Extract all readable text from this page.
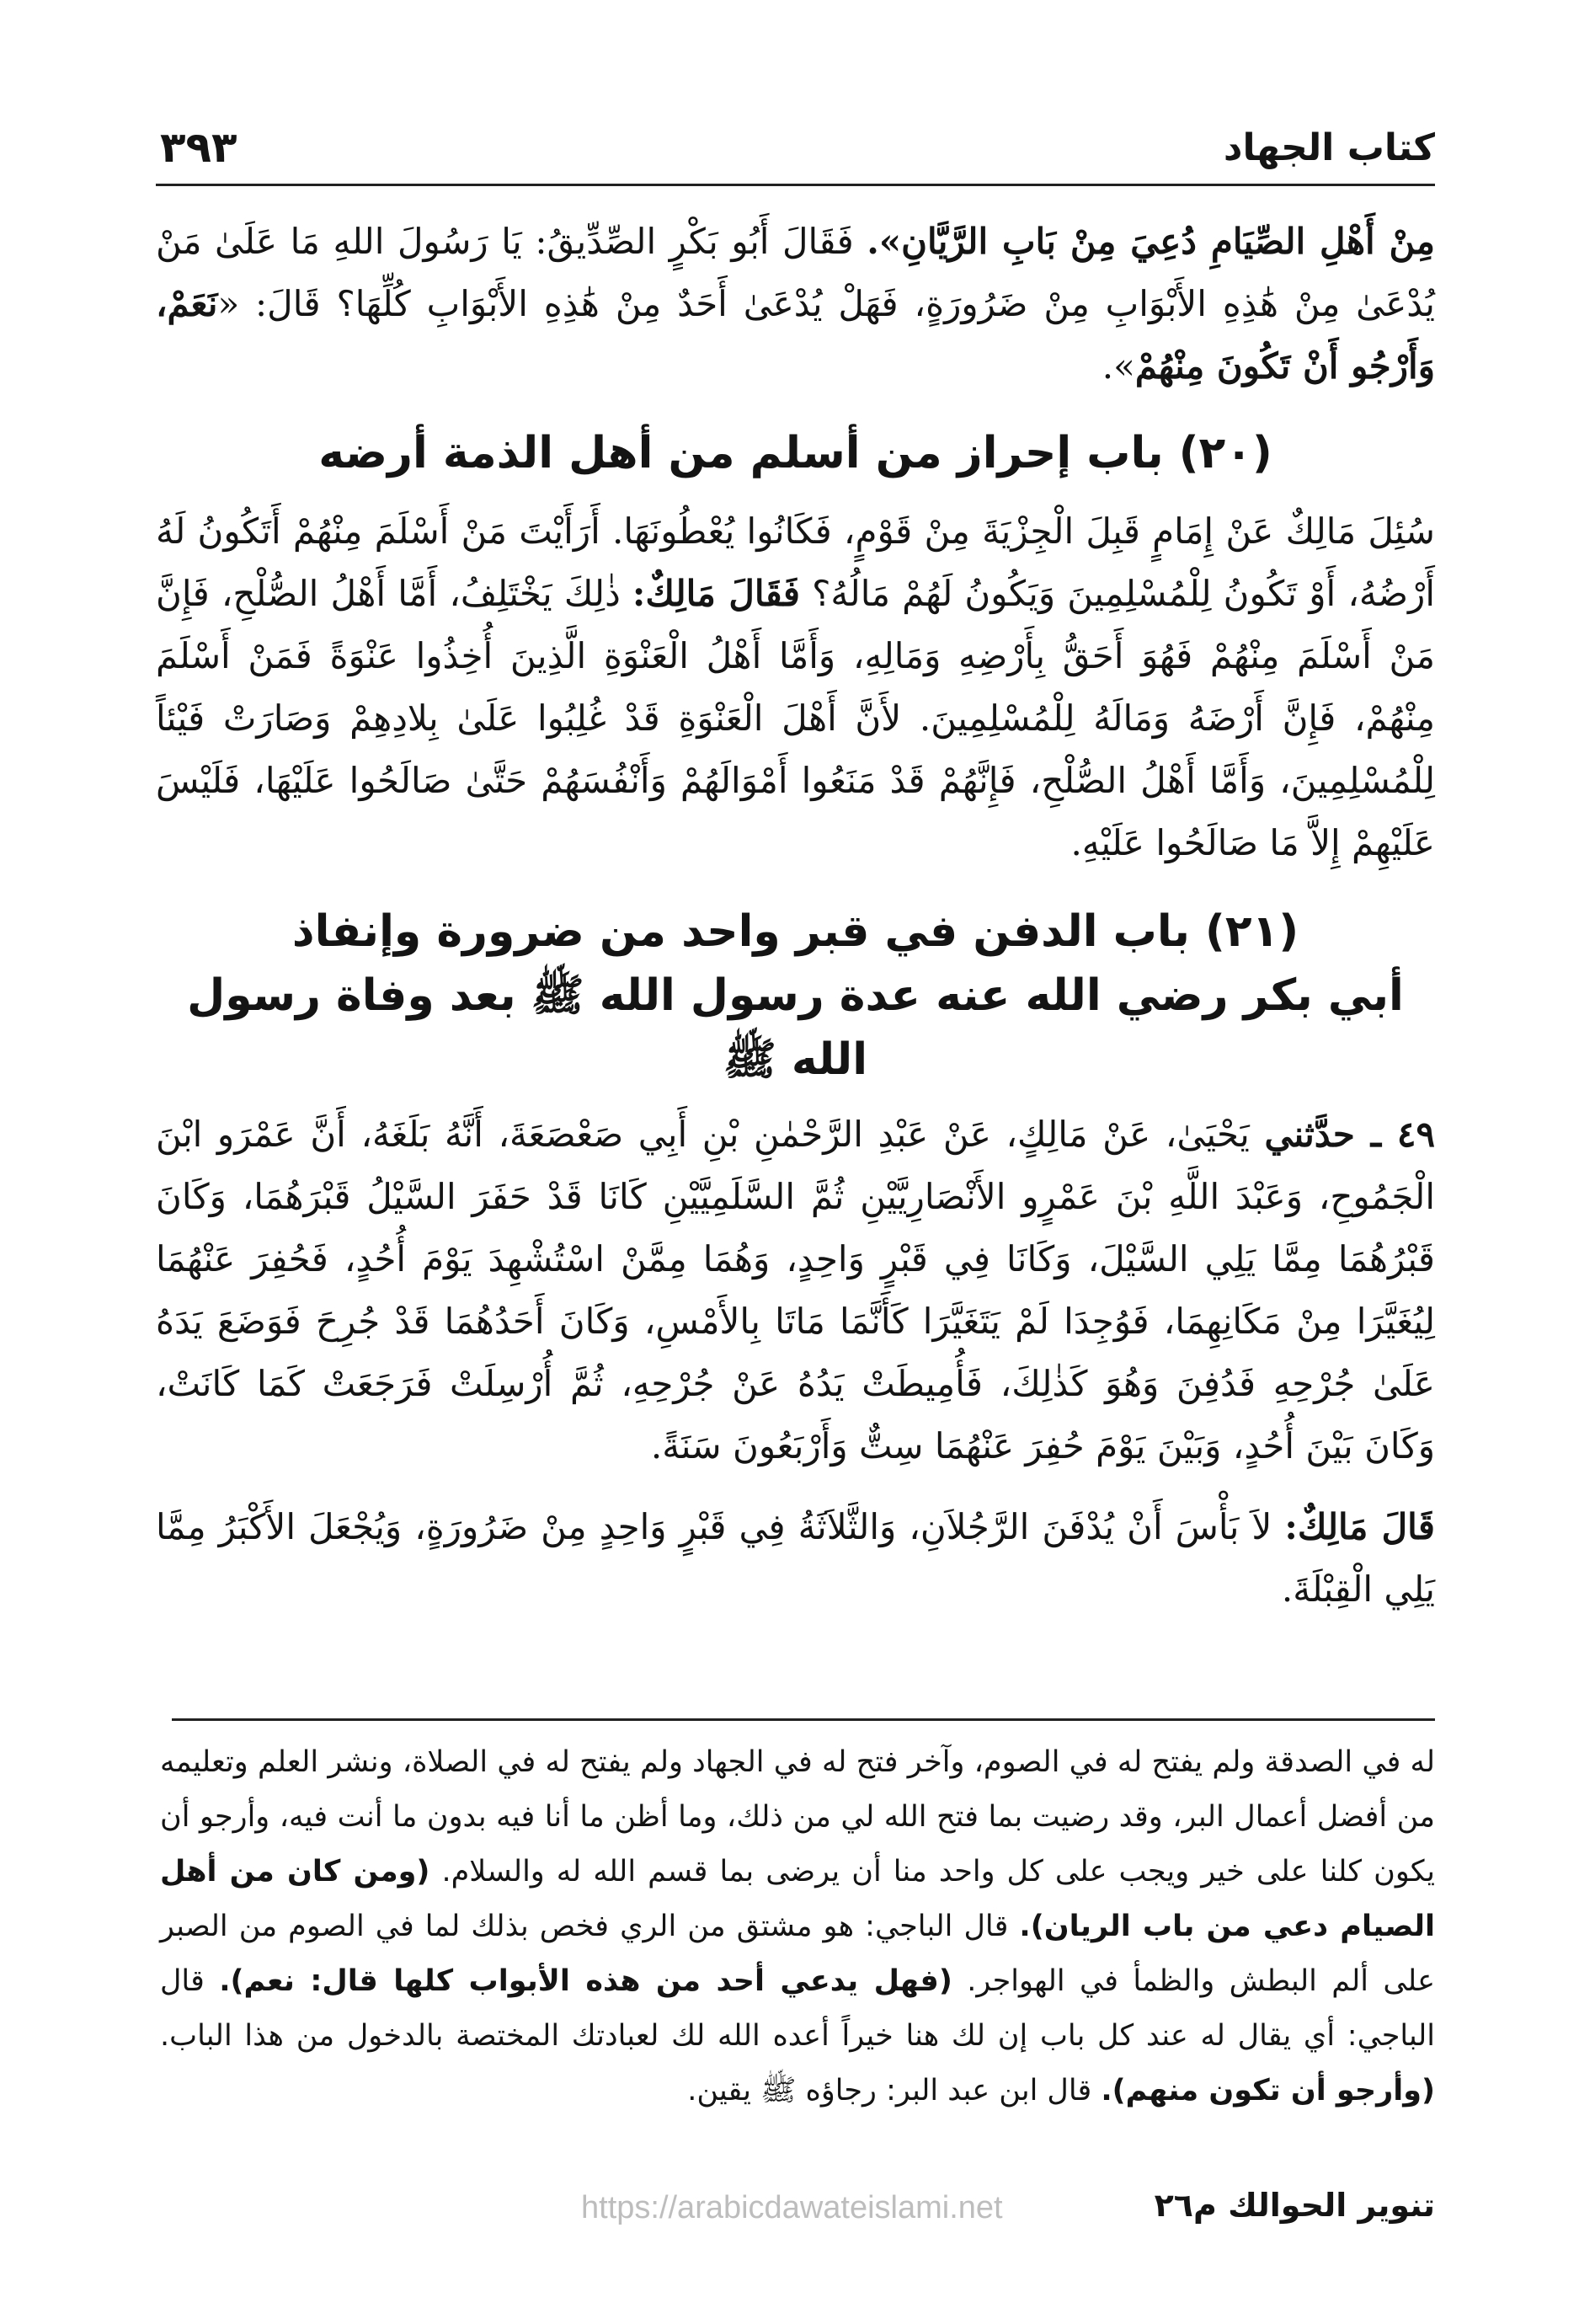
كتاب الجهاد
٣٩٣

مِنْ أَهْلِ الصِّيَامِ دُعِيَ مِنْ بَابِ الرَّيَّانِ». فَقَالَ أَبُو بَكْرٍ الصِّدِّيقُ: يَا رَسُولَ اللهِ مَا عَلَىٰ مَنْ يُدْعَىٰ مِنْ هَٰذِهِ الأَبْوَابِ مِنْ ضَرُورَةٍ، فَهَلْ يُدْعَىٰ أَحَدٌ مِنْ هَٰذِهِ الأَبْوَابِ كُلِّهَا؟ قَالَ: «نَعَمْ، وَأَرْجُو أَنْ تَكُونَ مِنْهُمْ».

(٢٠) باب إحراز من أسلم من أهل الذمة أرضه

سُئِلَ مَالِكٌ عَنْ إِمَامٍ قَبِلَ الْجِزْيَةَ مِنْ قَوْمٍ، فَكَانُوا يُعْطُونَهَا. أَرَأَيْتَ مَنْ أَسْلَمَ مِنْهُمْ أَتَكُونُ لَهُ أَرْضُهُ، أَوْ تَكُونُ لِلْمُسْلِمِينَ وَيَكُونُ لَهُمْ مَالُهُ؟ فَقَالَ مَالِكٌ: ذٰلِكَ يَخْتَلِفُ، أَمَّا أَهْلُ الصُّلْحِ، فَإِنَّ مَنْ أَسْلَمَ مِنْهُمْ فَهُوَ أَحَقُّ بِأَرْضِهِ وَمَالِهِ، وَأَمَّا أَهْلُ الْعَنْوَةِ الَّذِينَ أُخِذُوا عَنْوَةً فَمَنْ أَسْلَمَ مِنْهُمْ، فَإِنَّ أَرْضَهُ وَمَالَهُ لِلْمُسْلِمِينَ. لأَنَّ أَهْلَ الْعَنْوَةِ قَدْ غُلِبُوا عَلَىٰ بِلادِهِمْ وَصَارَتْ فَيْئاً لِلْمُسْلِمِينَ، وَأَمَّا أَهْلُ الصُّلْحِ، فَإِنَّهُمْ قَدْ مَنَعُوا أَمْوَالَهُمْ وَأَنْفُسَهُمْ حَتَّىٰ صَالَحُوا عَلَيْهَا، فَلَيْسَ عَلَيْهِمْ إِلاَّ مَا صَالَحُوا عَلَيْهِ.

(٢١) باب الدفن في قبر واحد من ضرورة وإنفاذ
أبي بكر رضي الله عنه عدة رسول الله ﷺ بعد وفاة رسول الله ﷺ

٤٩ ـ حدَّثني يَحْيَىٰ، عَنْ مَالِكٍ، عَنْ عَبْدِ الرَّحْمٰنِ بْنِ أَبِي صَعْصَعَةَ، أَنَّهُ بَلَغَهُ، أَنَّ عَمْرَو ابْنَ الْجَمُوحِ، وَعَبْدَ اللَّهِ بْنَ عَمْرٍو الأَنْصَارِيَّيْنِ ثُمَّ السَّلَمِيَّيْنِ كَانَا قَدْ حَفَرَ السَّيْلُ قَبْرَهُمَا، وَكَانَ قَبْرُهُمَا مِمَّا يَلِي السَّيْلَ، وَكَانَا فِي قَبْرٍ وَاحِدٍ، وَهُمَا مِمَّنْ اسْتُشْهِدَ يَوْمَ أُحُدٍ، فَحُفِرَ عَنْهُمَا لِيُغَيَّرَا مِنْ مَكَانِهِمَا، فَوُجِدَا لَمْ يَتَغَيَّرَا كَأَنَّمَا مَاتَا بِالأَمْسِ، وَكَانَ أَحَدُهُمَا قَدْ جُرِحَ فَوَضَعَ يَدَهُ عَلَىٰ جُرْحِهِ فَدُفِنَ وَهُوَ كَذٰلِكَ، فَأُمِيطَتْ يَدُهُ عَنْ جُرْحِهِ، ثُمَّ أُرْسِلَتْ فَرَجَعَتْ كَمَا كَانَتْ، وَكَانَ بَيْنَ أُحُدٍ، وَبَيْنَ يَوْمَ حُفِرَ عَنْهُمَا سِتٌّ وَأَرْبَعُونَ سَنَةً.

قَالَ مَالِكٌ: لاَ بَأْسَ أَنْ يُدْفَنَ الرَّجُلاَنِ، وَالثَّلاَثَةُ فِي قَبْرٍ وَاحِدٍ مِنْ ضَرُورَةٍ، وَيُجْعَلَ الأَكْبَرُ مِمَّا يَلِي الْقِبْلَةَ.

له في الصدقة ولم يفتح له في الصوم، وآخر فتح له في الجهاد ولم يفتح له في الصلاة، ونشر العلم وتعليمه من أفضل أعمال البر، وقد رضيت بما فتح الله لي من ذلك، وما أظن ما أنا فيه بدون ما أنت فيه، وأرجو أن يكون كلنا على خير ويجب على كل واحد منا أن يرضى بما قسم الله له والسلام. (ومن كان من أهل الصيام دعي من باب الريان). قال الباجي: هو مشتق من الري فخص بذلك لما في الصوم من الصبر على ألم البطش والظمأ في الهواجر. (فهل يدعي أحد من هذه الأبواب كلها قال: نعم). قال الباجي: أي يقال له عند كل باب إن لك هنا خيراً أعده الله لك لعبادتك المختصة بالدخول من هذا الباب. (وأرجو أن تكون منهم). قال ابن عبد البر: رجاؤه ﷺ يقين.

تنوير الحوالك م٢٦
https://arabicdawateislami.net
